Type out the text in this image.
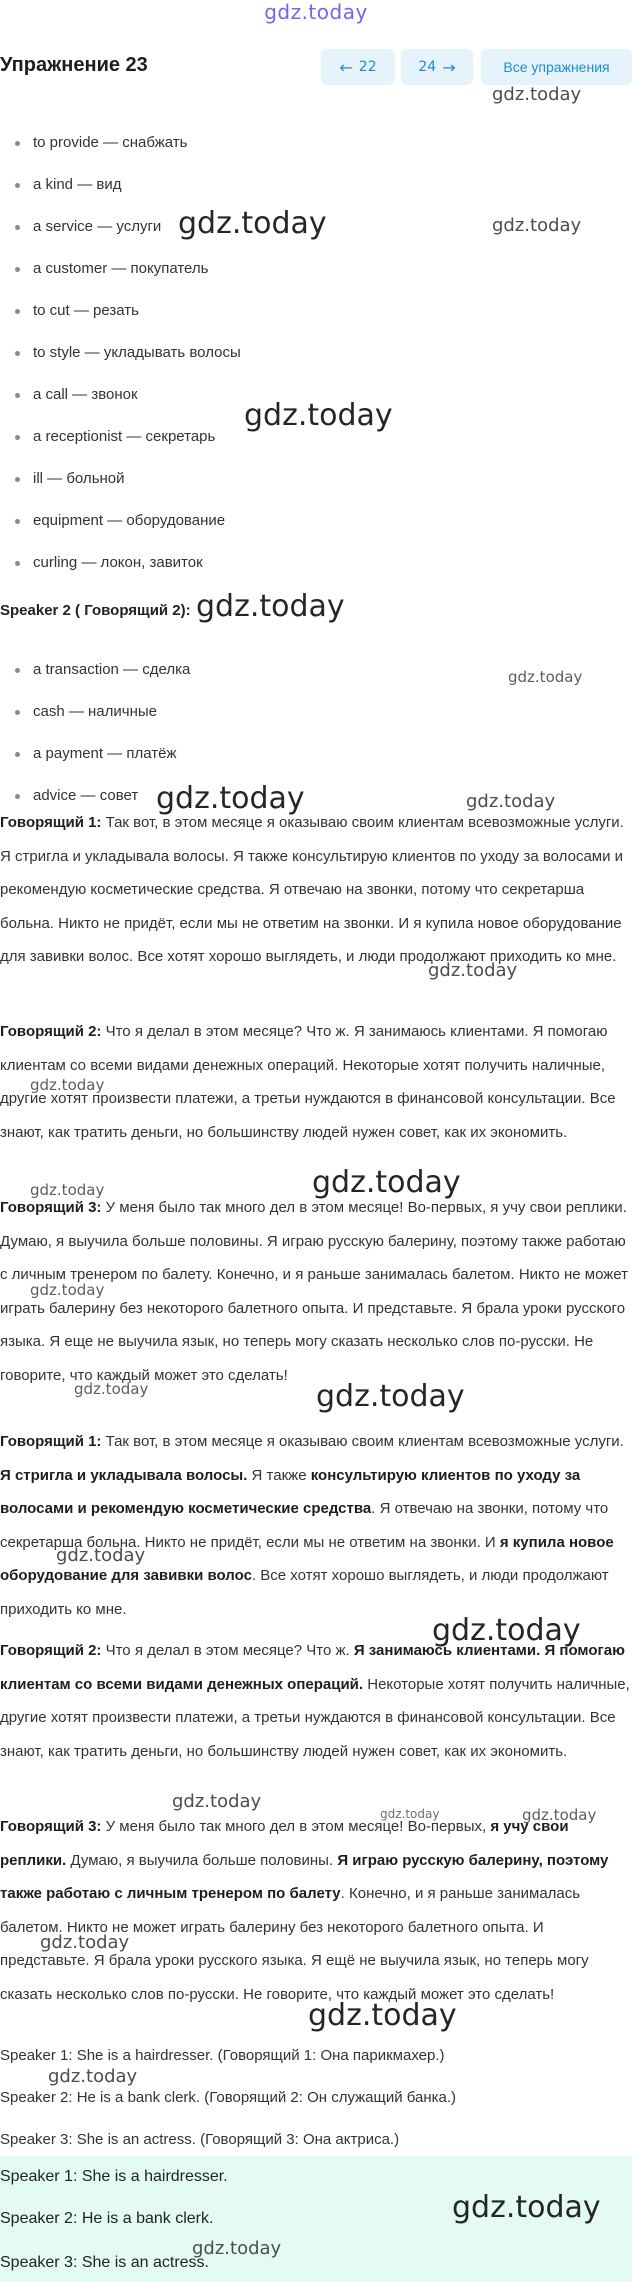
gdz.today
Упражнение 23	← 22	24 →	Все упражнения
to provide — снабжать
a kind — вид
a service — услуги
a customer — покупатель
to cut — резать
to style — укладывать волосы
a call — звонок
a receptionist — секретарь
ill — больной
equipment — оборудование
curling — локон, завиток
Speaker 2 ( Говорящий 2):
a transaction — сделка
cash — наличные
a payment — платёж
advice — совет

Говорящий 1: Так вот, в этом месяце я оказываю своим клиентам всевозможные услуги. Я стригла и укладывала волосы. Я также консультирую клиентов по уходу за волосами и рекомендую косметические средства. Я отвечаю на звонки, потому что секретарша больна. Никто не придёт, если мы не ответим на звонки. И я купила новое оборудование для завивки волос. Все хотят хорошо выглядеть, и люди продолжают приходить ко мне.

Говорящий 2: Что я делал в этом месяце? Что ж. Я занимаюсь клиентами. Я помогаю клиентам со всеми видами денежных операций. Некоторые хотят получить наличные, другие хотят произвести платежи, а третьи нуждаются в финансовой консультации. Все знают, как тратить деньги, но большинству людей нужен совет, как их экономить.

Говорящий 3: У меня было так много дел в этом месяце! Во-первых, я учу свои реплики. Думаю, я выучила больше половины. Я играю русскую балерину, поэтому также работаю с личным тренером по балету. Конечно, и я раньше занималась балетом. Никто не может играть балерину без некоторого балетного опыта. И представьте. Я брала уроки русского языка. Я еще не выучила язык, но теперь могу сказать несколько слов по-русски. Не говорите, что каждый может это сделать!

Говорящий 1: Так вот, в этом месяце я оказываю своим клиентам всевозможные услуги. Я стригла и укладывала волосы. Я также консультирую клиентов по уходу за волосами и рекомендую косметические средства. Я отвечаю на звонки, потому что секретарша больна. Никто не придёт, если мы не ответим на звонки. И я купила новое оборудование для завивки волос. Все хотят хорошо выглядеть, и люди продолжают приходить ко мне.

Говорящий 2: Что я делал в этом месяце? Что ж. Я занимаюсь клиентами. Я помогаю клиентам со всеми видами денежных операций. Некоторые хотят получить наличные, другие хотят произвести платежи, а третьи нуждаются в финансовой консультации. Все знают, как тратить деньги, но большинству людей нужен совет, как их экономить.

Говорящий 3: У меня было так много дел в этом месяце! Во-первых, я учу свои реплики. Думаю, я выучила больше половины. Я играю русскую балерину, поэтому также работаю с личным тренером по балету. Конечно, и я раньше занималась балетом. Никто не может играть балерину без некоторого балетного опыта. И представьте. Я брала уроки русского языка. Я ещё не выучила язык, но теперь могу сказать несколько слов по-русски. Не говорите, что каждый может это сделать!

Speaker 1: She is a hairdresser. (Говорящий 1: Она парикмахер.)
Speaker 2: He is a bank clerk. (Говорящий 2: Он служащий банка.)
Speaker 3: She is an actress. (Говорящий 3: Она актриса.)
Speaker 1: She is a hairdresser.
Speaker 2: He is a bank clerk.
Speaker 3: She is an actress.
gdz.today
gdz.today	gdz.today
gdz.today
gdz.today
gdz.today
gdz.today	gdz.today
gdz.today
gdz.today
gdz.today
gdz.today
gdz.today
gdz.today	gdz.today
gdz.today
gdz.today
gdz.today
gdz.today	gdz.today
gdz.today
gdz.today
gdz.today
gdz.today
gdz.today
